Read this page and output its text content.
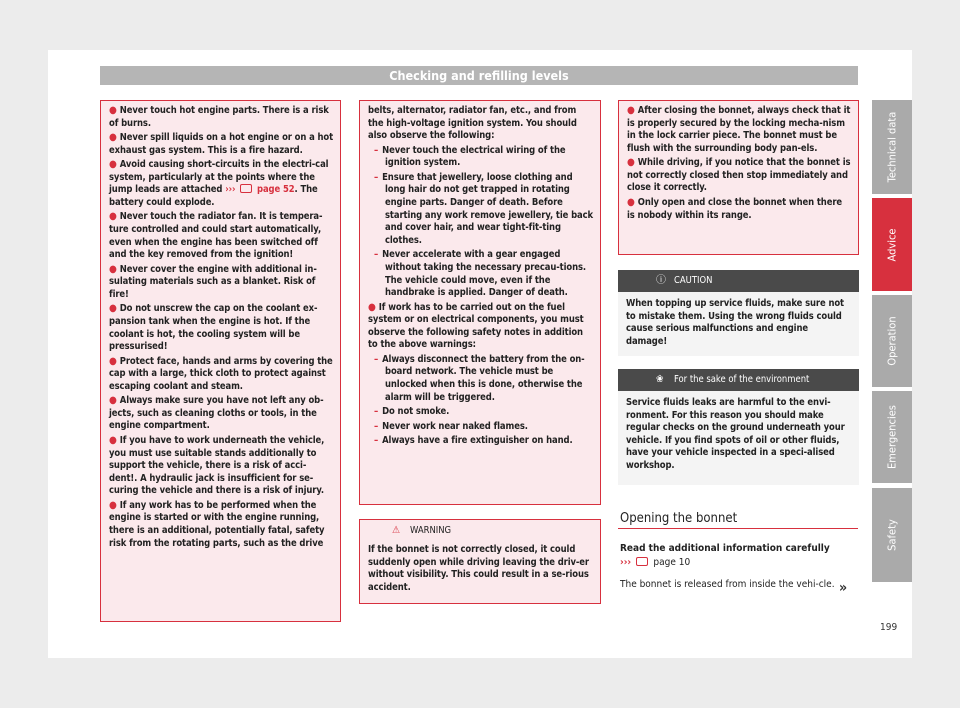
Checking and refilling levels
● Never touch hot engine parts. There is a risk of burns.
● Never spill liquids on a hot engine or on a hot exhaust gas system. This is a fire hazard.
● Avoid causing short-circuits in the electri-cal system, particularly at the points where the jump leads are attached ››› page 52. The battery could explode.
● Never touch the radiator fan. It is tempera-ture controlled and could start automatically, even when the engine has been switched off and the key removed from the ignition!
● Never cover the engine with additional in-sulating materials such as a blanket. Risk of fire!
● Do not unscrew the cap on the coolant ex-pansion tank when the engine is hot. If the coolant is hot, the cooling system will be pressurised!
● Protect face, hands and arms by covering the cap with a large, thick cloth to protect against escaping coolant and steam.
● Always make sure you have not left any ob-jects, such as cleaning cloths or tools, in the engine compartment.
● If you have to work underneath the vehicle, you must use suitable stands additionally to support the vehicle, there is a risk of acci-dent!. A hydraulic jack is insufficient for se-curing the vehicle and there is a risk of injury.
● If any work has to be performed when the engine is started or with the engine running, there is an additional, potentially fatal, safety risk from the rotating parts, such as the drive

belts, alternator, radiator fan, etc., and from the high-voltage ignition system. You should also observe the following:

– Never touch the electrical wiring of the ignition system.
– Ensure that jewellery, loose clothing and long hair do not get trapped in rotating engine parts. Danger of death. Before starting any work remove jewellery, tie back and cover hair, and wear tight-fit-ting clothes.
– Never accelerate with a gear engaged without taking the necessary precau-tions. The vehicle could move, even if the handbrake is applied. Danger of death.
● If work has to be carried out on the fuel system or on electrical components, you must observe the following safety notes in addition to the above warnings:
– Always disconnect the battery from the on-board network. The vehicle must be unlocked when this is done, otherwise the alarm will be triggered.
– Do not smoke.
– Never work near naked flames.
– Always have a fire extinguisher on hand.
⚠ WARNING
If the bonnet is not correctly closed, it could suddenly open while driving leaving the driv-er without visibility. This could result in a se-rious accident.
● After closing the bonnet, always check that it is properly secured by the locking mecha-nism in the lock carrier piece. The bonnet must be flush with the surrounding body pan-els.
● While driving, if you notice that the bonnet is not correctly closed then stop immediately and close it correctly.
● Only open and close the bonnet when there is nobody within its range.
ⓘ CAUTION
When topping up service fluids, make sure not to mistake them. Using the wrong fluids could cause serious malfunctions and engine damage!
❀ For the sake of the environment
Service fluids leaks are harmful to the envi-ronment. For this reason you should make regular checks on the ground underneath your vehicle. If you find spots of oil or other fluids, have your vehicle inspected in a speci-alised workshop.
Opening the bonnet
Read the additional information carefully
››› page 10
The bonnet is released from inside the vehi-cle. »
Technical data
Advice
Operation
Emergencies
Safety
199
